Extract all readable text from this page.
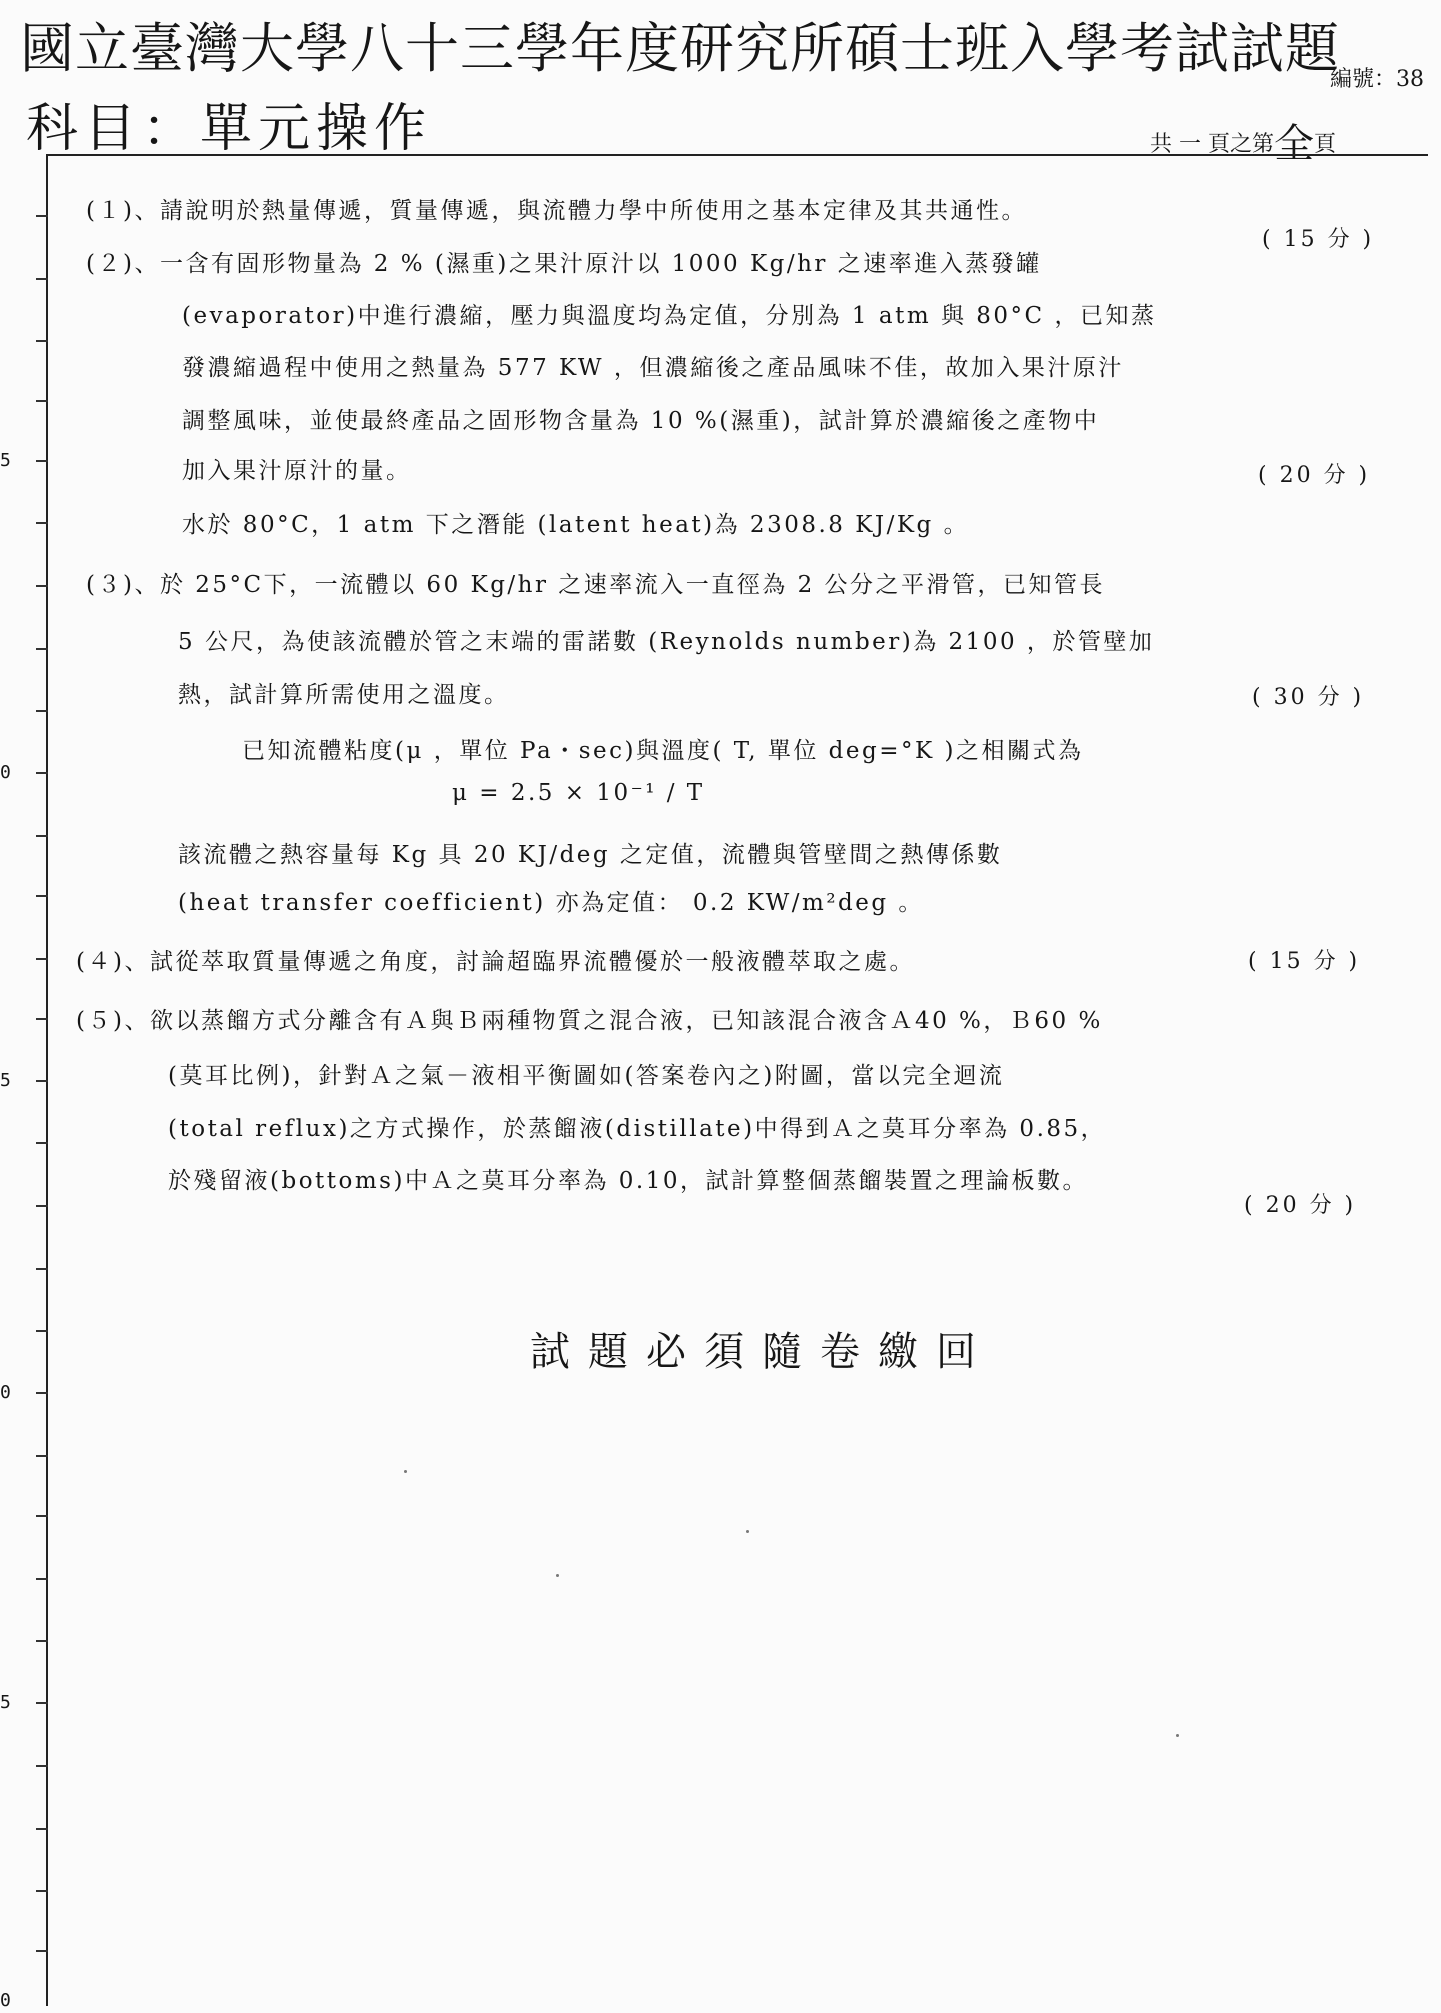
國立臺灣大學八十三學年度研究所碩士班入學考試試題
科目：單元操作
編號：38
共 一 頁之第全頁
5
0
5
0
5
0
(１)、請說明於熱量傳遞，質量傳遞，與流體力學中所使用之基本定律及其共通性。
( 15 分 )
(２)、一含有固形物量為 2 % (濕重)之果汁原汁以 1000 Kg/hr 之速率進入蒸發罐
(evaporator)中進行濃縮，壓力與溫度均為定值，分別為 1 atm 與 80°C ，已知蒸
發濃縮過程中使用之熱量為 577 KW ，但濃縮後之產品風味不佳，故加入果汁原汁
調整風味，並使最終產品之固形物含量為 10 %(濕重)，試計算於濃縮後之產物中
加入果汁原汁的量。	( 20 分 )
水於 80°C，1 atm 下之潛能 (latent heat)為 2308.8 KJ/Kg 。
(３)、於 25°C下，一流體以 60 Kg/hr 之速率流入一直徑為 2 公分之平滑管，已知管長
5 公尺，為使該流體於管之末端的雷諾數 (Reynolds number)為 2100 ，於管壁加
熱，試計算所需使用之溫度。	( 30 分 )
已知流體粘度(μ ，單位 Pa・sec)與溫度( T, 單位 deg=°K )之相關式為
μ = 2.5 × 10⁻¹ / T
該流體之熱容量每 Kg 具 20 KJ/deg 之定值，流體與管壁間之熱傳係數
(heat transfer coefficient) 亦為定值： 0.2 KW/m²deg 。
(４)、試從萃取質量傳遞之角度，討論超臨界流體優於一般液體萃取之處。	( 15 分 )
(５)、欲以蒸餾方式分離含有Ａ與Ｂ兩種物質之混合液，已知該混合液含Ａ40 %，Ｂ60 %
(莫耳比例)，針對Ａ之氣－液相平衡圖如(答案卷內之)附圖，當以完全迴流
(total reflux)之方式操作，於蒸餾液(distillate)中得到Ａ之莫耳分率為 0.85，
於殘留液(bottoms)中Ａ之莫耳分率為 0.10，試計算整個蒸餾裝置之理論板數。
( 20 分 )
試題必須隨卷繳回
